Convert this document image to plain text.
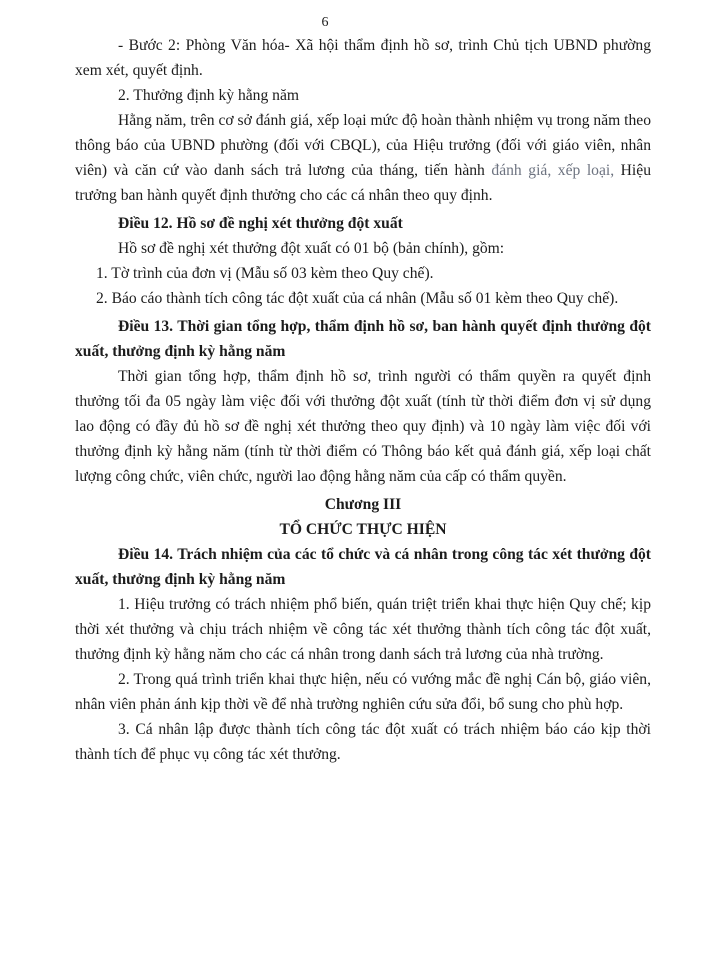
6

- Bước 2: Phòng Văn hóa- Xã hội thẩm định hồ sơ, trình Chủ tịch UBND phường xem xét, quyết định.

2. Thưởng định kỳ hằng năm

Hằng năm, trên cơ sở đánh giá, xếp loại mức độ hoàn thành nhiệm vụ trong năm theo thông báo của UBND phường (đối với CBQL), của Hiệu trưởng (đối với giáo viên, nhân viên) và căn cứ vào danh sách trả lương của tháng, tiến hành đánh giá, xếp loại, Hiệu trưởng ban hành quyết định thưởng cho các cá nhân theo quy định.

Điều 12. Hồ sơ đề nghị xét thưởng đột xuất

Hồ sơ đề nghị xét thưởng đột xuất có 01 bộ (bản chính), gồm:

1. Tờ trình của đơn vị (Mẫu số 03 kèm theo Quy chế).

2. Báo cáo thành tích công tác đột xuất của cá nhân (Mẫu số 01 kèm theo Quy chế).

Điều 13. Thời gian tổng hợp, thẩm định hồ sơ, ban hành quyết định thưởng đột xuất, thưởng định kỳ hằng năm

Thời gian tổng hợp, thẩm định hồ sơ, trình người có thẩm quyền ra quyết định thưởng tối đa 05 ngày làm việc đối với thưởng đột xuất (tính từ thời điểm đơn vị sử dụng lao động có đầy đủ hồ sơ đề nghị xét thưởng theo quy định) và 10 ngày làm việc đối với thưởng định kỳ hằng năm (tính từ thời điểm có Thông báo kết quả đánh giá, xếp loại chất lượng công chức, viên chức, người lao động hằng năm của cấp có thẩm quyền.

Chương III

TỔ CHỨC THỰC HIỆN

Điều 14. Trách nhiệm của các tổ chức và cá nhân trong công tác xét thưởng đột xuất, thưởng định kỳ hằng năm

1. Hiệu trưởng có trách nhiệm phổ biến, quán triệt triển khai thực hiện Quy chế; kịp thời xét thưởng và chịu trách nhiệm về công tác xét thưởng thành tích công tác đột xuất, thưởng định kỳ hằng năm cho các cá nhân trong danh sách trả lương của nhà trường.

2. Trong quá trình triển khai thực hiện, nếu có vướng mắc đề nghị Cán bộ, giáo viên, nhân viên phản ánh kịp thời về để nhà trường nghiên cứu sửa đổi, bổ sung cho phù hợp.

3. Cá nhân lập được thành tích công tác đột xuất có trách nhiệm báo cáo kịp thời thành tích để phục vụ công tác xét thưởng.
